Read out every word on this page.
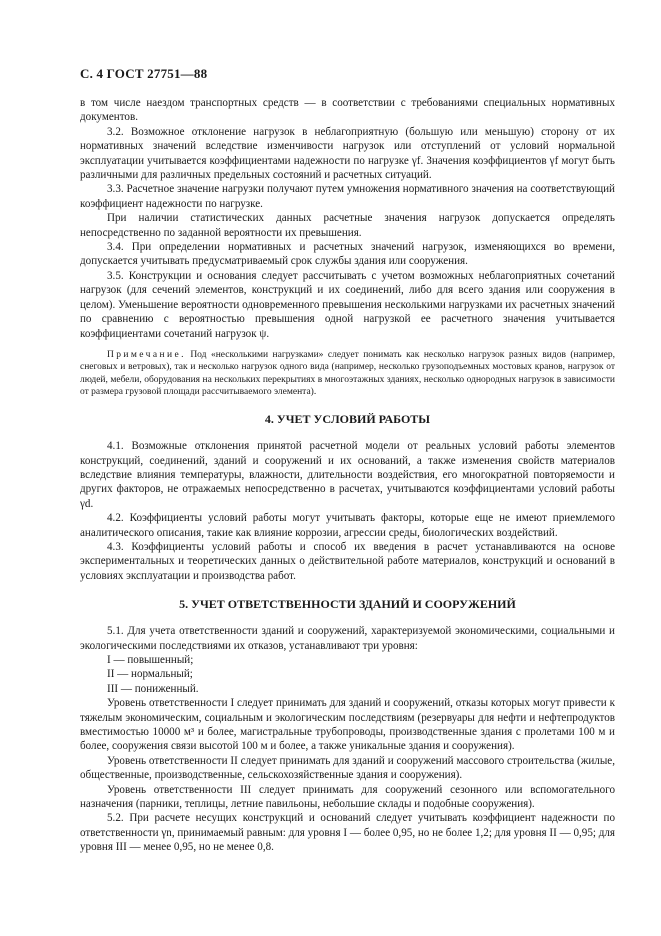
С. 4 ГОСТ 27751—88

в том числе наездом транспортных средств — в соответствии с требованиями специальных нормативных документов.

3.2. Возможное отклонение нагрузок в неблагоприятную (большую или меньшую) сторону от их нормативных значений вследствие изменчивости нагрузок или отступлений от условий нормальной эксплуатации учитывается коэффициентами надежности по нагрузке γf. Значения коэффициентов γf могут быть различными для различных предельных состояний и расчетных ситуаций.

3.3. Расчетное значение нагрузки получают путем умножения нормативного значения на соответствующий коэффициент надежности по нагрузке.

При наличии статистических данных расчетные значения нагрузок допускается определять непосредственно по заданной вероятности их превышения.

3.4. При определении нормативных и расчетных значений нагрузок, изменяющихся во времени, допускается учитывать предусматриваемый срок службы здания или сооружения.

3.5. Конструкции и основания следует рассчитывать с учетом возможных неблагоприятных сочетаний нагрузок (для сечений элементов, конструкций и их соединений, либо для всего здания или сооружения в целом). Уменьшение вероятности одновременного превышения несколькими нагрузками их расчетных значений по сравнению с вероятностью превышения одной нагрузкой ее расчетного значения учитывается коэффициентами сочетаний нагрузок ψ.

Примечание. Под «несколькими нагрузками» следует понимать как несколько нагрузок разных видов (например, снеговых и ветровых), так и несколько нагрузок одного вида (например, несколько грузоподъемных мостовых кранов, нагрузок от людей, мебели, оборудования на нескольких перекрытиях в многоэтажных зданиях, несколько однородных нагрузок в зависимости от размера грузовой площади рассчитываемого элемента).

4. УЧЕТ УСЛОВИЙ РАБОТЫ

4.1. Возможные отклонения принятой расчетной модели от реальных условий работы элементов конструкций, соединений, зданий и сооружений и их оснований, а также изменения свойств материалов вследствие влияния температуры, влажности, длительности воздействия, его многократной повторяемости и других факторов, не отражаемых непосредственно в расчетах, учитываются коэффициентами условий работы γd.

4.2. Коэффициенты условий работы могут учитывать факторы, которые еще не имеют приемлемого аналитического описания, такие как влияние коррозии, агрессии среды, биологических воздействий.

4.3. Коэффициенты условий работы и способ их введения в расчет устанавливаются на основе экспериментальных и теоретических данных о действительной работе материалов, конструкций и оснований в условиях эксплуатации и производства работ.

5. УЧЕТ ОТВЕТСТВЕННОСТИ ЗДАНИЙ И СООРУЖЕНИЙ

5.1. Для учета ответственности зданий и сооружений, характеризуемой экономическими, социальными и экологическими последствиями их отказов, устанавливают три уровня:

I — повышенный;

II — нормальный;

III — пониженный.

Уровень ответственности I следует принимать для зданий и сооружений, отказы которых могут привести к тяжелым экономическим, социальным и экологическим последствиям (резервуары для нефти и нефтепродуктов вместимостью 10000 м³ и более, магистральные трубопроводы, производственные здания с пролетами 100 м и более, сооружения связи высотой 100 м и более, а также уникальные здания и сооружения).

Уровень ответственности II следует принимать для зданий и сооружений массового строительства (жилые, общественные, производственные, сельскохозяйственные здания и сооружения).

Уровень ответственности III следует принимать для сооружений сезонного или вспомогательного назначения (парники, теплицы, летние павильоны, небольшие склады и подобные сооружения).

5.2. При расчете несущих конструкций и оснований следует учитывать коэффициент надежности по ответственности γn, принимаемый равным: для уровня I — более 0,95, но не более 1,2; для уровня II — 0,95; для уровня III — менее 0,95, но не менее 0,8.
